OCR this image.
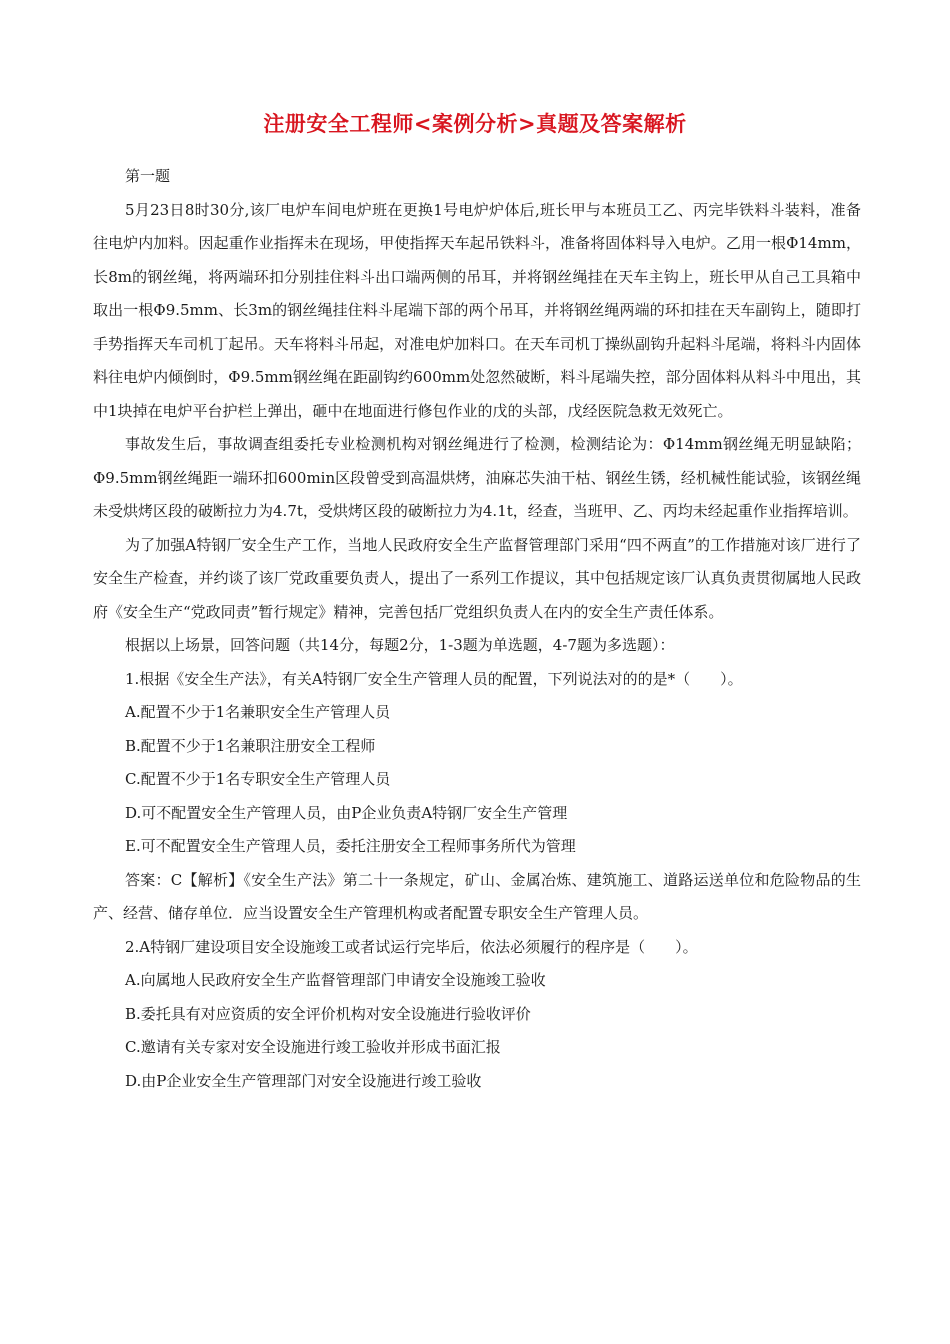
注册安全工程师<案例分析>真题及答案解析

第一题

5月23日8时30分,该厂电炉车间电炉班在更换1号电炉炉体后,班长甲与本班员工乙、丙完毕铁料斗装料，准备往电炉内加料。因起重作业指挥未在现场，甲使指挥天车起吊铁料斗，准备将固体料导入电炉。乙用一根Φ14mm，长8m的钢丝绳，将两端环扣分别挂住料斗出口端两侧的吊耳，并将钢丝绳挂在天车主钩上，班长甲从自己工具箱中取出一根Φ9.5mm、长3m的钢丝绳挂住料斗尾端下部的两个吊耳，并将钢丝绳两端的环扣挂在天车副钩上，随即打手势指挥天车司机丁起吊。天车将料斗吊起，对准电炉加料口。在天车司机丁操纵副钩升起料斗尾端，将料斗内固体料往电炉内倾倒时，Φ9.5mm钢丝绳在距副钩约600mm处忽然破断，料斗尾端失控，部分固体料从料斗中甩出，其中1块掉在电炉平台护栏上弹出，砸中在地面进行修包作业的戊的头部，戊经医院急救无效死亡。

事故发生后，事故调查组委托专业检测机构对钢丝绳进行了检测，检测结论为：Φ14mm钢丝绳无明显缺陷；Φ9.5mm钢丝绳距一端环扣600min区段曾受到高温烘烤，油麻芯失油干枯、钢丝生锈，经机械性能试验，该钢丝绳未受烘烤区段的破断拉力为4.7t，受烘烤区段的破断拉力为4.1t，经查，当班甲、乙、丙均未经起重作业指挥培训。

为了加强A特钢厂安全生产工作，当地人民政府安全生产监督管理部门采用“四不两直”的工作措施对该厂进行了安全生产检查，并约谈了该厂党政重要负责人，提出了一系列工作提议，其中包括规定该厂认真负责贯彻属地人民政府《安全生产“党政同责”暂行规定》精神，完善包括厂党组织负责人在内的安全生产责任体系。

根据以上场景，回答问题（共14分，每题2分，1-3题为单选题，4-7题为多选题）：

1.根据《安全生产法》，有关A特钢厂安全生产管理人员的配置，下列说法对的的是*（　　）。

A.配置不少于1名兼职安全生产管理人员

B.配置不少于1名兼职注册安全工程师

C.配置不少于1名专职安全生产管理人员

D.可不配置安全生产管理人员，由P企业负责A特钢厂安全生产管理

E.可不配置安全生产管理人员，委托注册安全工程师事务所代为管理

答案：C【解析】《安全生产法》第二十一条规定，矿山、金属冶炼、建筑施工、道路运送单位和危险物品的生产、经营、储存单位．应当设置安全生产管理机构或者配置专职安全生产管理人员。

2.A特钢厂建设项目安全设施竣工或者试运行完毕后，依法必须履行的程序是（　　）。

A.向属地人民政府安全生产监督管理部门申请安全设施竣工验收

B.委托具有对应资质的安全评价机构对安全设施进行验收评价

C.邀请有关专家对安全设施进行竣工验收并形成书面汇报

D.由P企业安全生产管理部门对安全设施进行竣工验收
